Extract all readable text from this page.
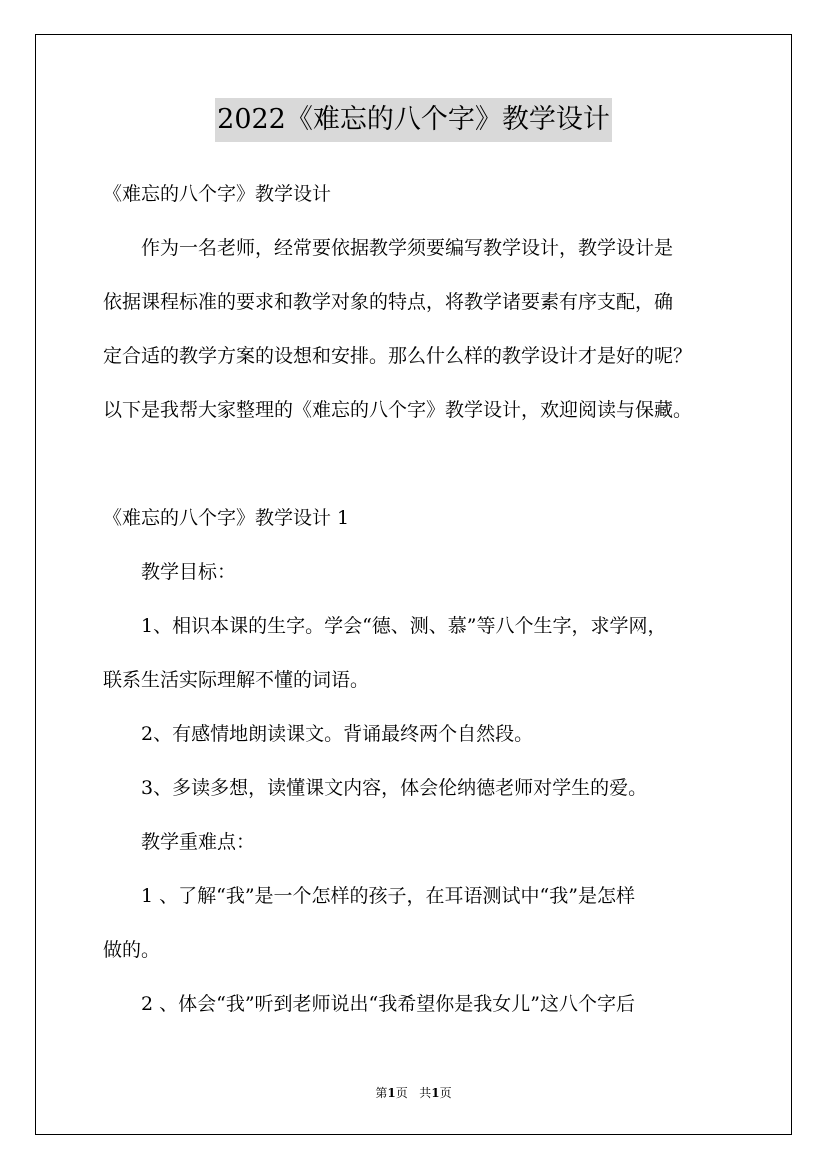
2022《难忘的八个字》教学设计
《难忘的八个字》教学设计
作为一名老师，经常要依据教学须要编写教学设计，教学设计是
依据课程标准的要求和教学对象的特点，将教学诸要素有序支配，确
定合适的教学方案的设想和安排。那么什么样的教学设计才是好的呢？
以下是我帮大家整理的《难忘的八个字》教学设计，欢迎阅读与保藏。
《难忘的八个字》教学设计 1
教学目标：
1、相识本课的生字。学会“德、测、慕”等八个生字，求学网，
联系生活实际理解不懂的词语。
2、有感情地朗读课文。背诵最终两个自然段。
3、多读多想，读懂课文内容，体会伦纳德老师对学生的爱。
教学重难点：
1 、了解“我”是一个怎样的孩子，在耳语测试中“我”是怎样
做的。
2 、体会“我”听到老师说出“我希望你是我女儿”这八个字后
第1页   共1页
